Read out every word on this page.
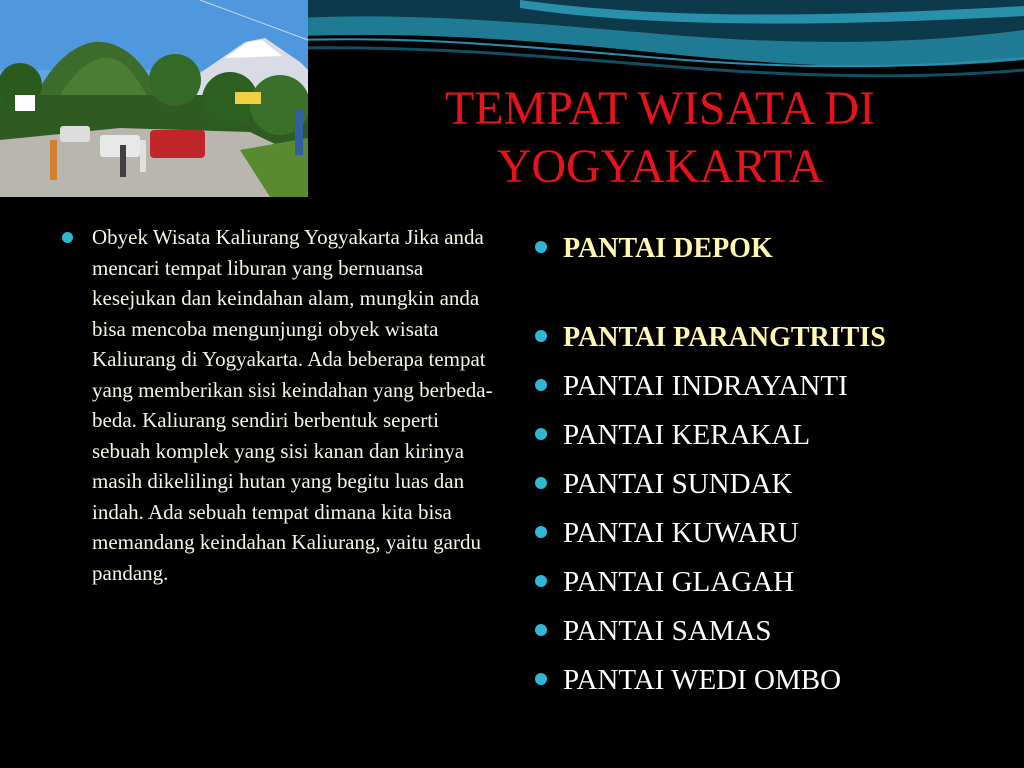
TEMPAT WISATA DI
YOGYAKARTA
Obyek Wisata Kaliurang Yogyakarta Jika anda mencari tempat liburan yang bernuansa kesejukan dan keindahan alam, mungkin anda bisa mencoba mengunjungi obyek wisata Kaliurang di Yogyakarta. Ada beberapa tempat yang memberikan sisi keindahan yang berbeda- beda. Kaliurang sendiri berbentuk seperti sebuah komplek yang sisi kanan dan kirinya masih dikelilingi hutan yang begitu luas dan indah. Ada sebuah tempat dimana kita bisa memandang keindahan Kaliurang, yaitu gardu pandang.
PANTAI DEPOK
PANTAI PARANGTRITIS
PANTAI INDRAYANTI
PANTAI KERAKAL
PANTAI SUNDAK
PANTAI KUWARU
PANTAI GLAGAH
PANTAI SAMAS
PANTAI WEDI OMBO
